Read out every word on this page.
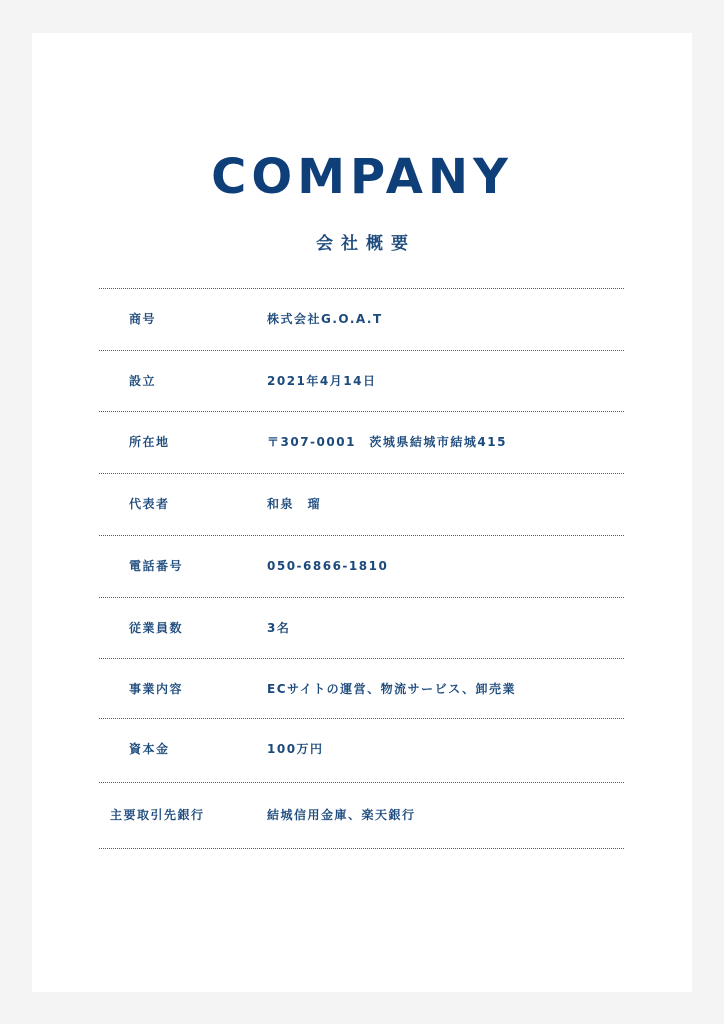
COMPANY
会社概要
商号	株式会社G.O.A.T
設立	2021年4月14日
所在地	〒307-0001　茨城県結城市結城415
代表者	和泉　瑠
電話番号	050-6866-1810
従業員数	3名
事業内容	ECサイトの運営、物流サービス、卸売業
資本金	100万円
主要取引先銀行	結城信用金庫、楽天銀行
